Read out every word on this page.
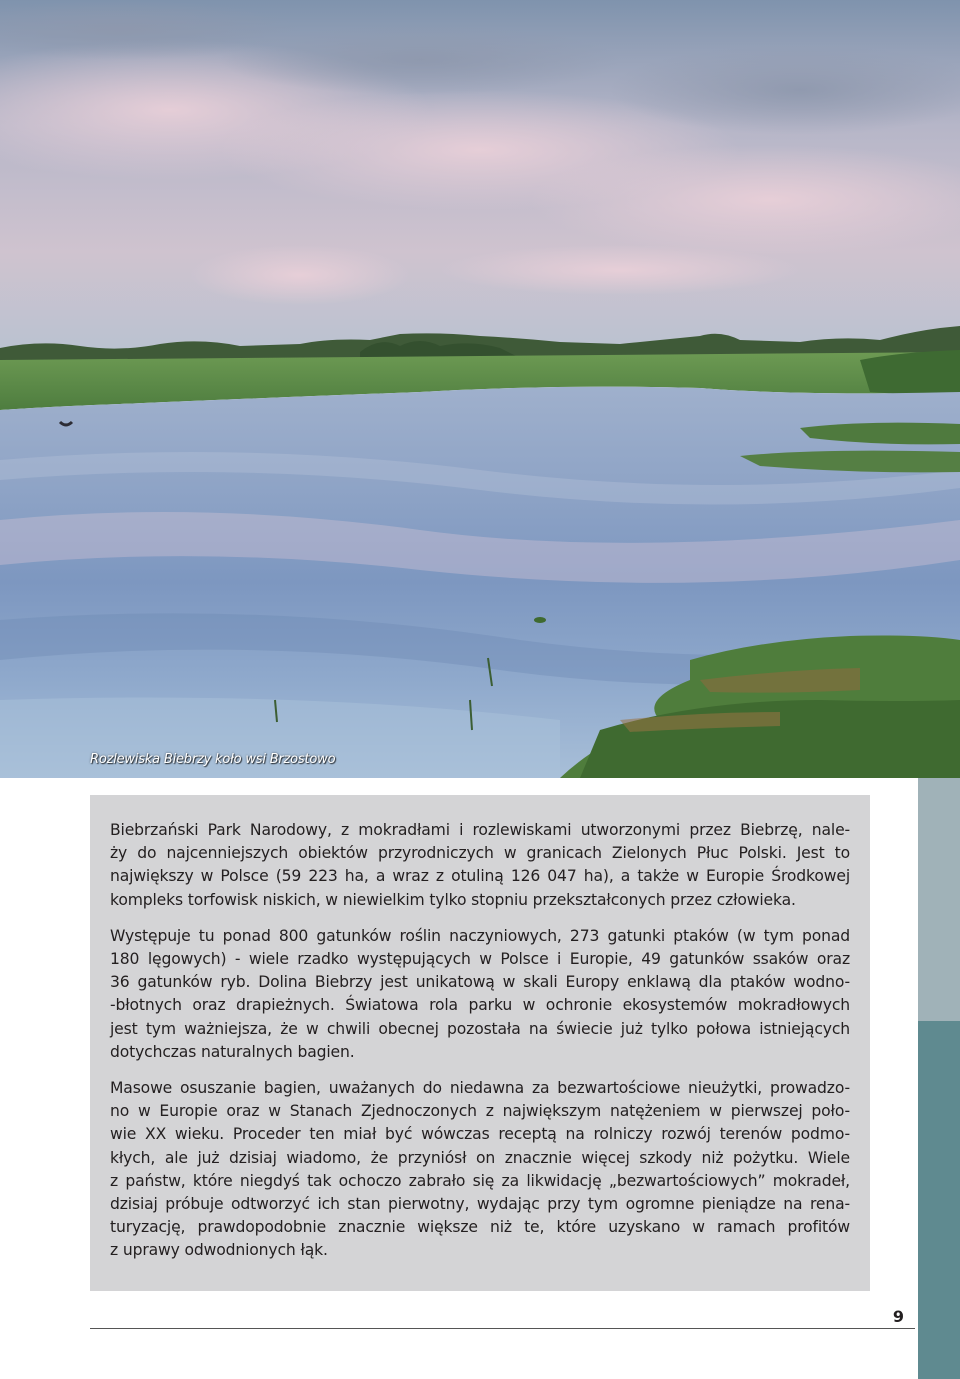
Rozlewiska Biebrzy koło wsi Brzostowo

Biebrzański Park Narodowy, z mokradłami i rozlewiskami utworzonymi przez Biebrzę, nale-
ży do najcenniejszych obiektów przyrodniczych w granicach Zielonych Płuc Polski. Jest to
największy w Polsce (59 223 ha, a wraz z otuliną 126 047 ha), a także w Europie Środkowej
kompleks torfowisk niskich, w niewielkim tylko stopniu przekształconych przez człowieka.

Występuje tu ponad 800 gatunków roślin naczyniowych, 273 gatunki ptaków (w tym ponad
180 lęgowych) - wiele rzadko występujących w Polsce i Europie, 49 gatunków ssaków oraz
36 gatunków ryb. Dolina Biebrzy jest unikatową w skali Europy enklawą dla ptaków wodno-
-błotnych oraz drapieżnych. Światowa rola parku w ochronie ekosystemów mokradłowych
jest tym ważniejsza, że w chwili obecnej pozostała na świecie już tylko połowa istniejących
dotychczas naturalnych bagien.

Masowe osuszanie bagien, uważanych do niedawna za bezwartościowe nieużytki, prowadzo-
no w Europie oraz w Stanach Zjednoczonych z największym natężeniem w pierwszej poło-
wie XX wieku. Proceder ten miał być wówczas receptą na rolniczy rozwój terenów podmo-
kłych, ale już dzisiaj wiadomo, że przyniósł on znacznie więcej szkody niż pożytku. Wiele
z państw, które niegdyś tak ochoczo zabrało się za likwidację „bezwartościowych” mokradeł,
dzisiaj próbuje odtworzyć ich stan pierwotny, wydając przy tym ogromne pieniądze na rena-
turyzację, prawdopodobnie znacznie większe niż te, które uzyskano w ramach profitów
z uprawy odwodnionych łąk.

9
